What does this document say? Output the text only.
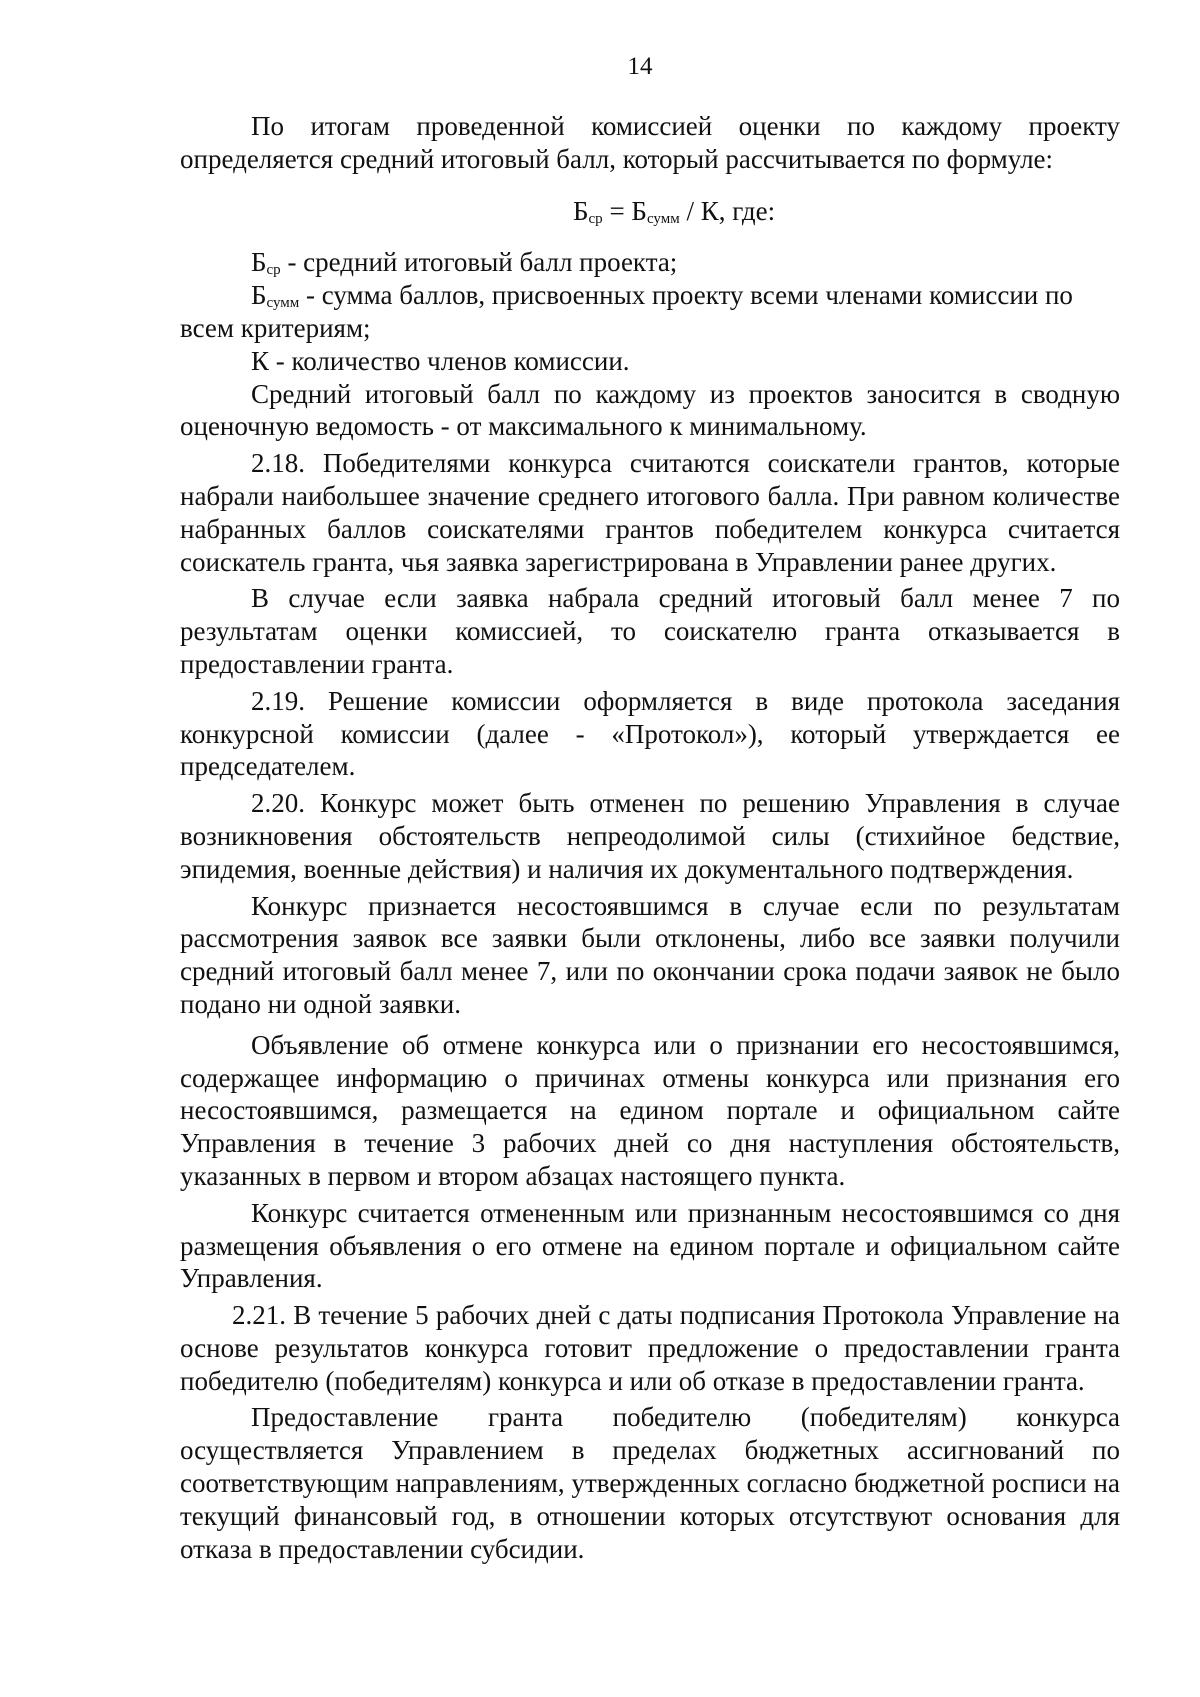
14

По итогам проведенной комиссией оценки по каждому проекту определяется средний итоговый балл, который рассчитывается по формуле:

$Б_{ср} = Б_{сумм} / К$, где:

$Б_{ср}$ - средний итоговый балл проекта;

$Б_{сумм}$ - сумма баллов, присвоенных проекту всеми членами комиссии по всем критериям;

К - количество членов комиссии.

Средний итоговый балл по каждому из проектов заносится в сводную оценочную ведомость - от максимального к минимальному.

2.18. Победителями конкурса считаются соискатели грантов, которые набрали наибольшее значение среднего итогового балла. При равном количестве набранных баллов соискателями грантов победителем конкурса считается соискатель гранта, чья заявка зарегистрирована в Управлении ранее других.

В случае если заявка набрала средний итоговый балл менее 7 по результатам оценки комиссией, то соискателю гранта отказывается в предоставлении гранта.

2.19. Решение комиссии оформляется в виде протокола заседания конкурсной комиссии (далее - «Протокол»), который утверждается ее председателем.

2.20. Конкурс может быть отменен по решению Управления в случае возникновения обстоятельств непреодолимой силы (стихийное бедствие, эпидемия, военные действия) и наличия их документального подтверждения.

Конкурс признается несостоявшимся в случае если по результатам рассмотрения заявок все заявки были отклонены, либо все заявки получили средний итоговый балл менее 7, или по окончании срока подачи заявок не было подано ни одной заявки.

Объявление об отмене конкурса или о признании его несостоявшимся, содержащее информацию о причинах отмены конкурса или признания его несостоявшимся, размещается на едином портале и официальном сайте Управления в течение 3 рабочих дней со дня наступления обстоятельств, указанных в первом и втором абзацах настоящего пункта.

Конкурс считается отмененным или признанным несостоявшимся со дня размещения объявления о его отмене на едином портале и официальном сайте Управления.

2.21. В течение 5 рабочих дней с даты подписания Протокола Управление на основе результатов конкурса готовит предложение о предоставлении гранта победителю (победителям) конкурса и или об отказе в предоставлении гранта.

Предоставление гранта победителю (победителям) конкурса осуществляется Управлением в пределах бюджетных ассигнований по соответствующим направлениям, утвержденных согласно бюджетной росписи на текущий финансовый год, в отношении которых отсутствуют основания для отказа в предоставлении субсидии.
